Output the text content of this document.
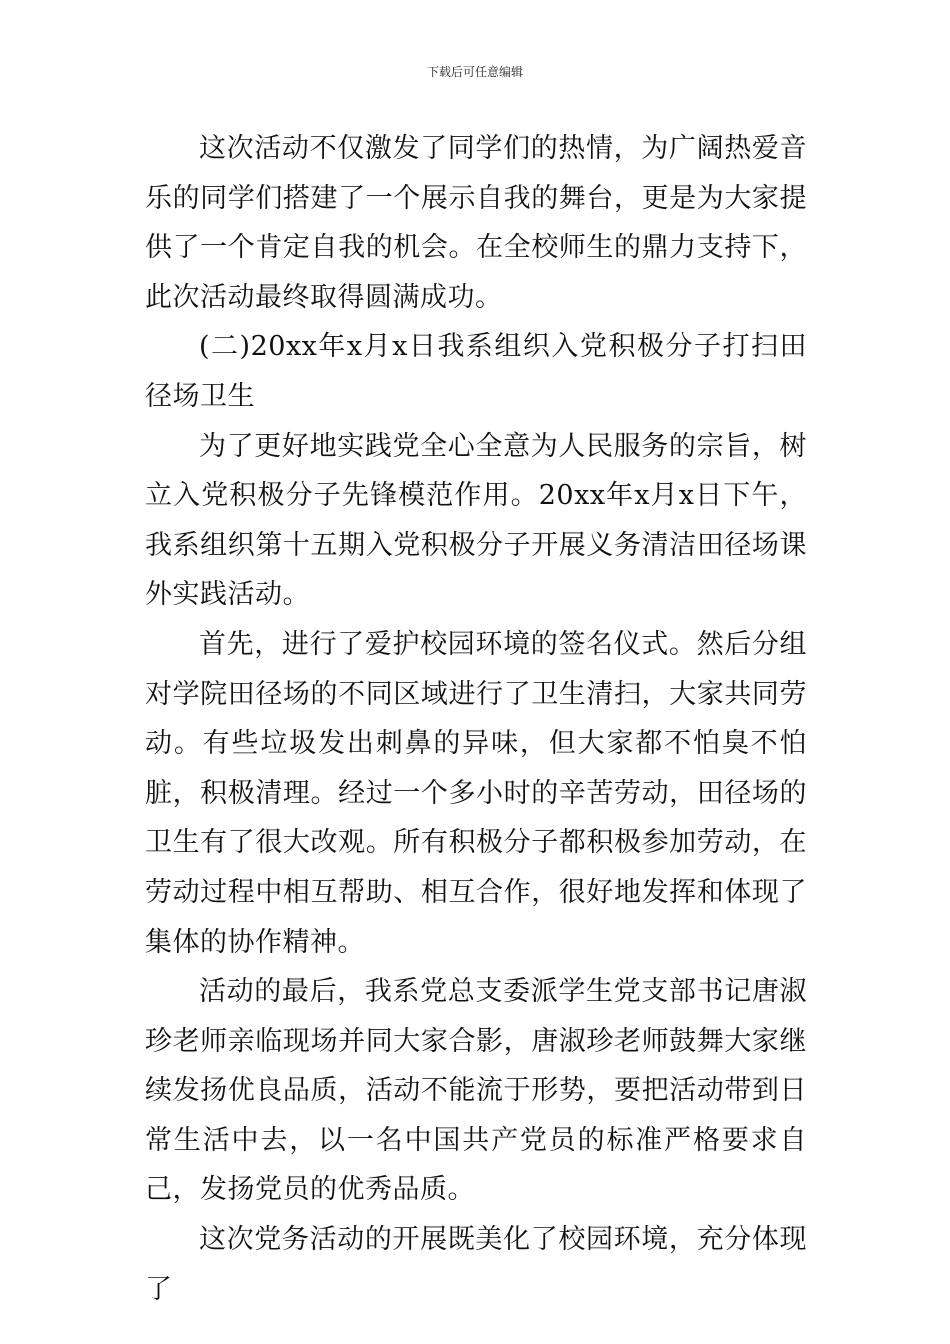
下载后可任意编辑

这次活动不仅激发了同学们的热情，为广阔热爱音乐的同学们搭建了一个展示自我的舞台，更是为大家提供了一个肯定自我的机会。在全校师生的鼎力支持下，此次活动最终取得圆满成功。

(二)20xx年x月x日我系组织入党积极分子打扫田径场卫生

为了更好地实践党全心全意为人民服务的宗旨，树立入党积极分子先锋模范作用。20xx年x月x日下午，我系组织第十五期入党积极分子开展义务清洁田径场课外实践活动。

首先，进行了爱护校园环境的签名仪式。然后分组对学院田径场的不同区域进行了卫生清扫，大家共同劳动。有些垃圾发出刺鼻的异味，但大家都不怕臭不怕脏，积极清理。经过一个多小时的辛苦劳动，田径场的卫生有了很大改观。所有积极分子都积极参加劳动，在劳动过程中相互帮助、相互合作，很好地发挥和体现了集体的协作精神。

活动的最后，我系党总支委派学生党支部书记唐淑珍老师亲临现场并同大家合影，唐淑珍老师鼓舞大家继续发扬优良品质，活动不能流于形势，要把活动带到日常生活中去，以一名中国共产党员的标准严格要求自己，发扬党员的优秀品质。

这次党务活动的开展既美化了校园环境，充分体现了
